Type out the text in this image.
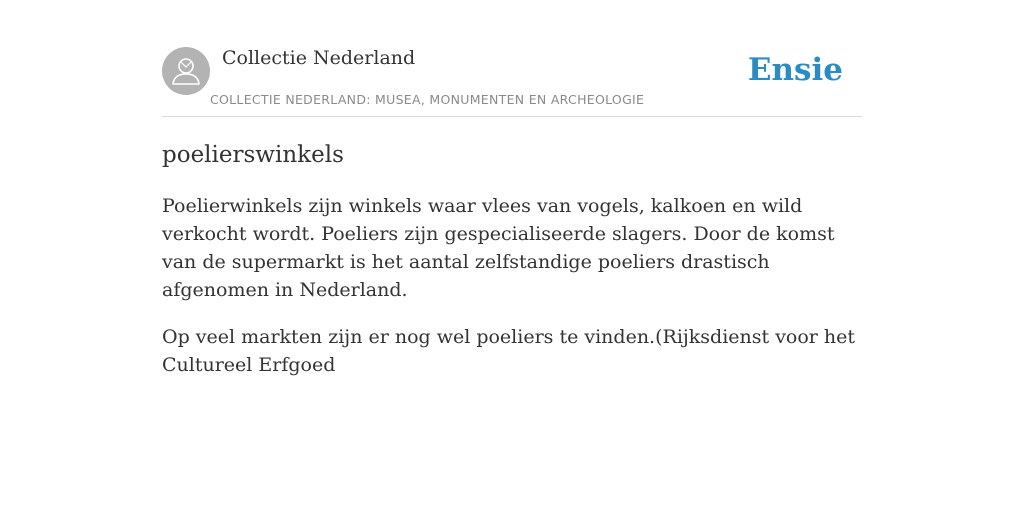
Collectie Nederland
COLLECTIE NEDERLAND: MUSEA, MONUMENTEN EN ARCHEOLOGIE
Ensie
poelierswinkels

Poelierwinkels zijn winkels waar vlees van vogels, kalkoen en wild verkocht wordt. Poeliers zijn gespecialiseerde slagers. Door de komst van de supermarkt is het aantal zelfstandige poeliers drastisch afgenomen in Nederland.

Op veel markten zijn er nog wel poeliers te vinden.(Rijksdienst voor het Cultureel Erfgoed
